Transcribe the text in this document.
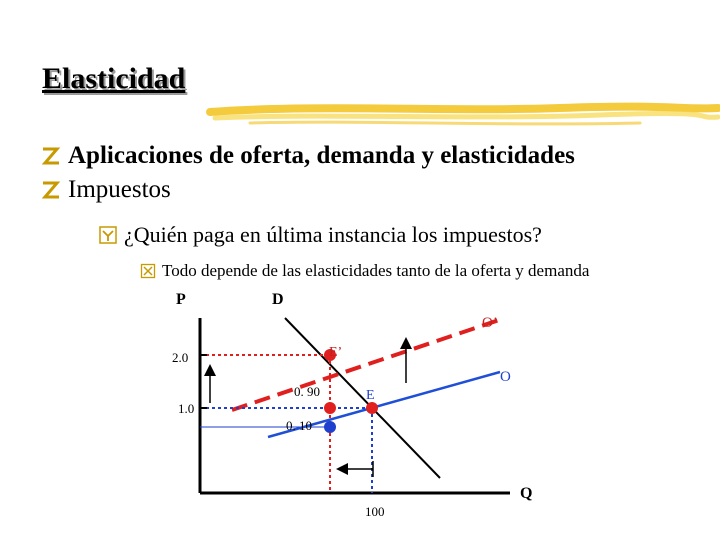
Elasticidad
Aplicaciones de oferta, demanda y elasticidades
Impuestos
¿Quién paga en última instancia los impuestos?
Todo depende de las elasticidades tanto de la oferta y demanda
P	D
O’
E’
O
E
2.0
1.0
0. 90
0. 10
100
Q
